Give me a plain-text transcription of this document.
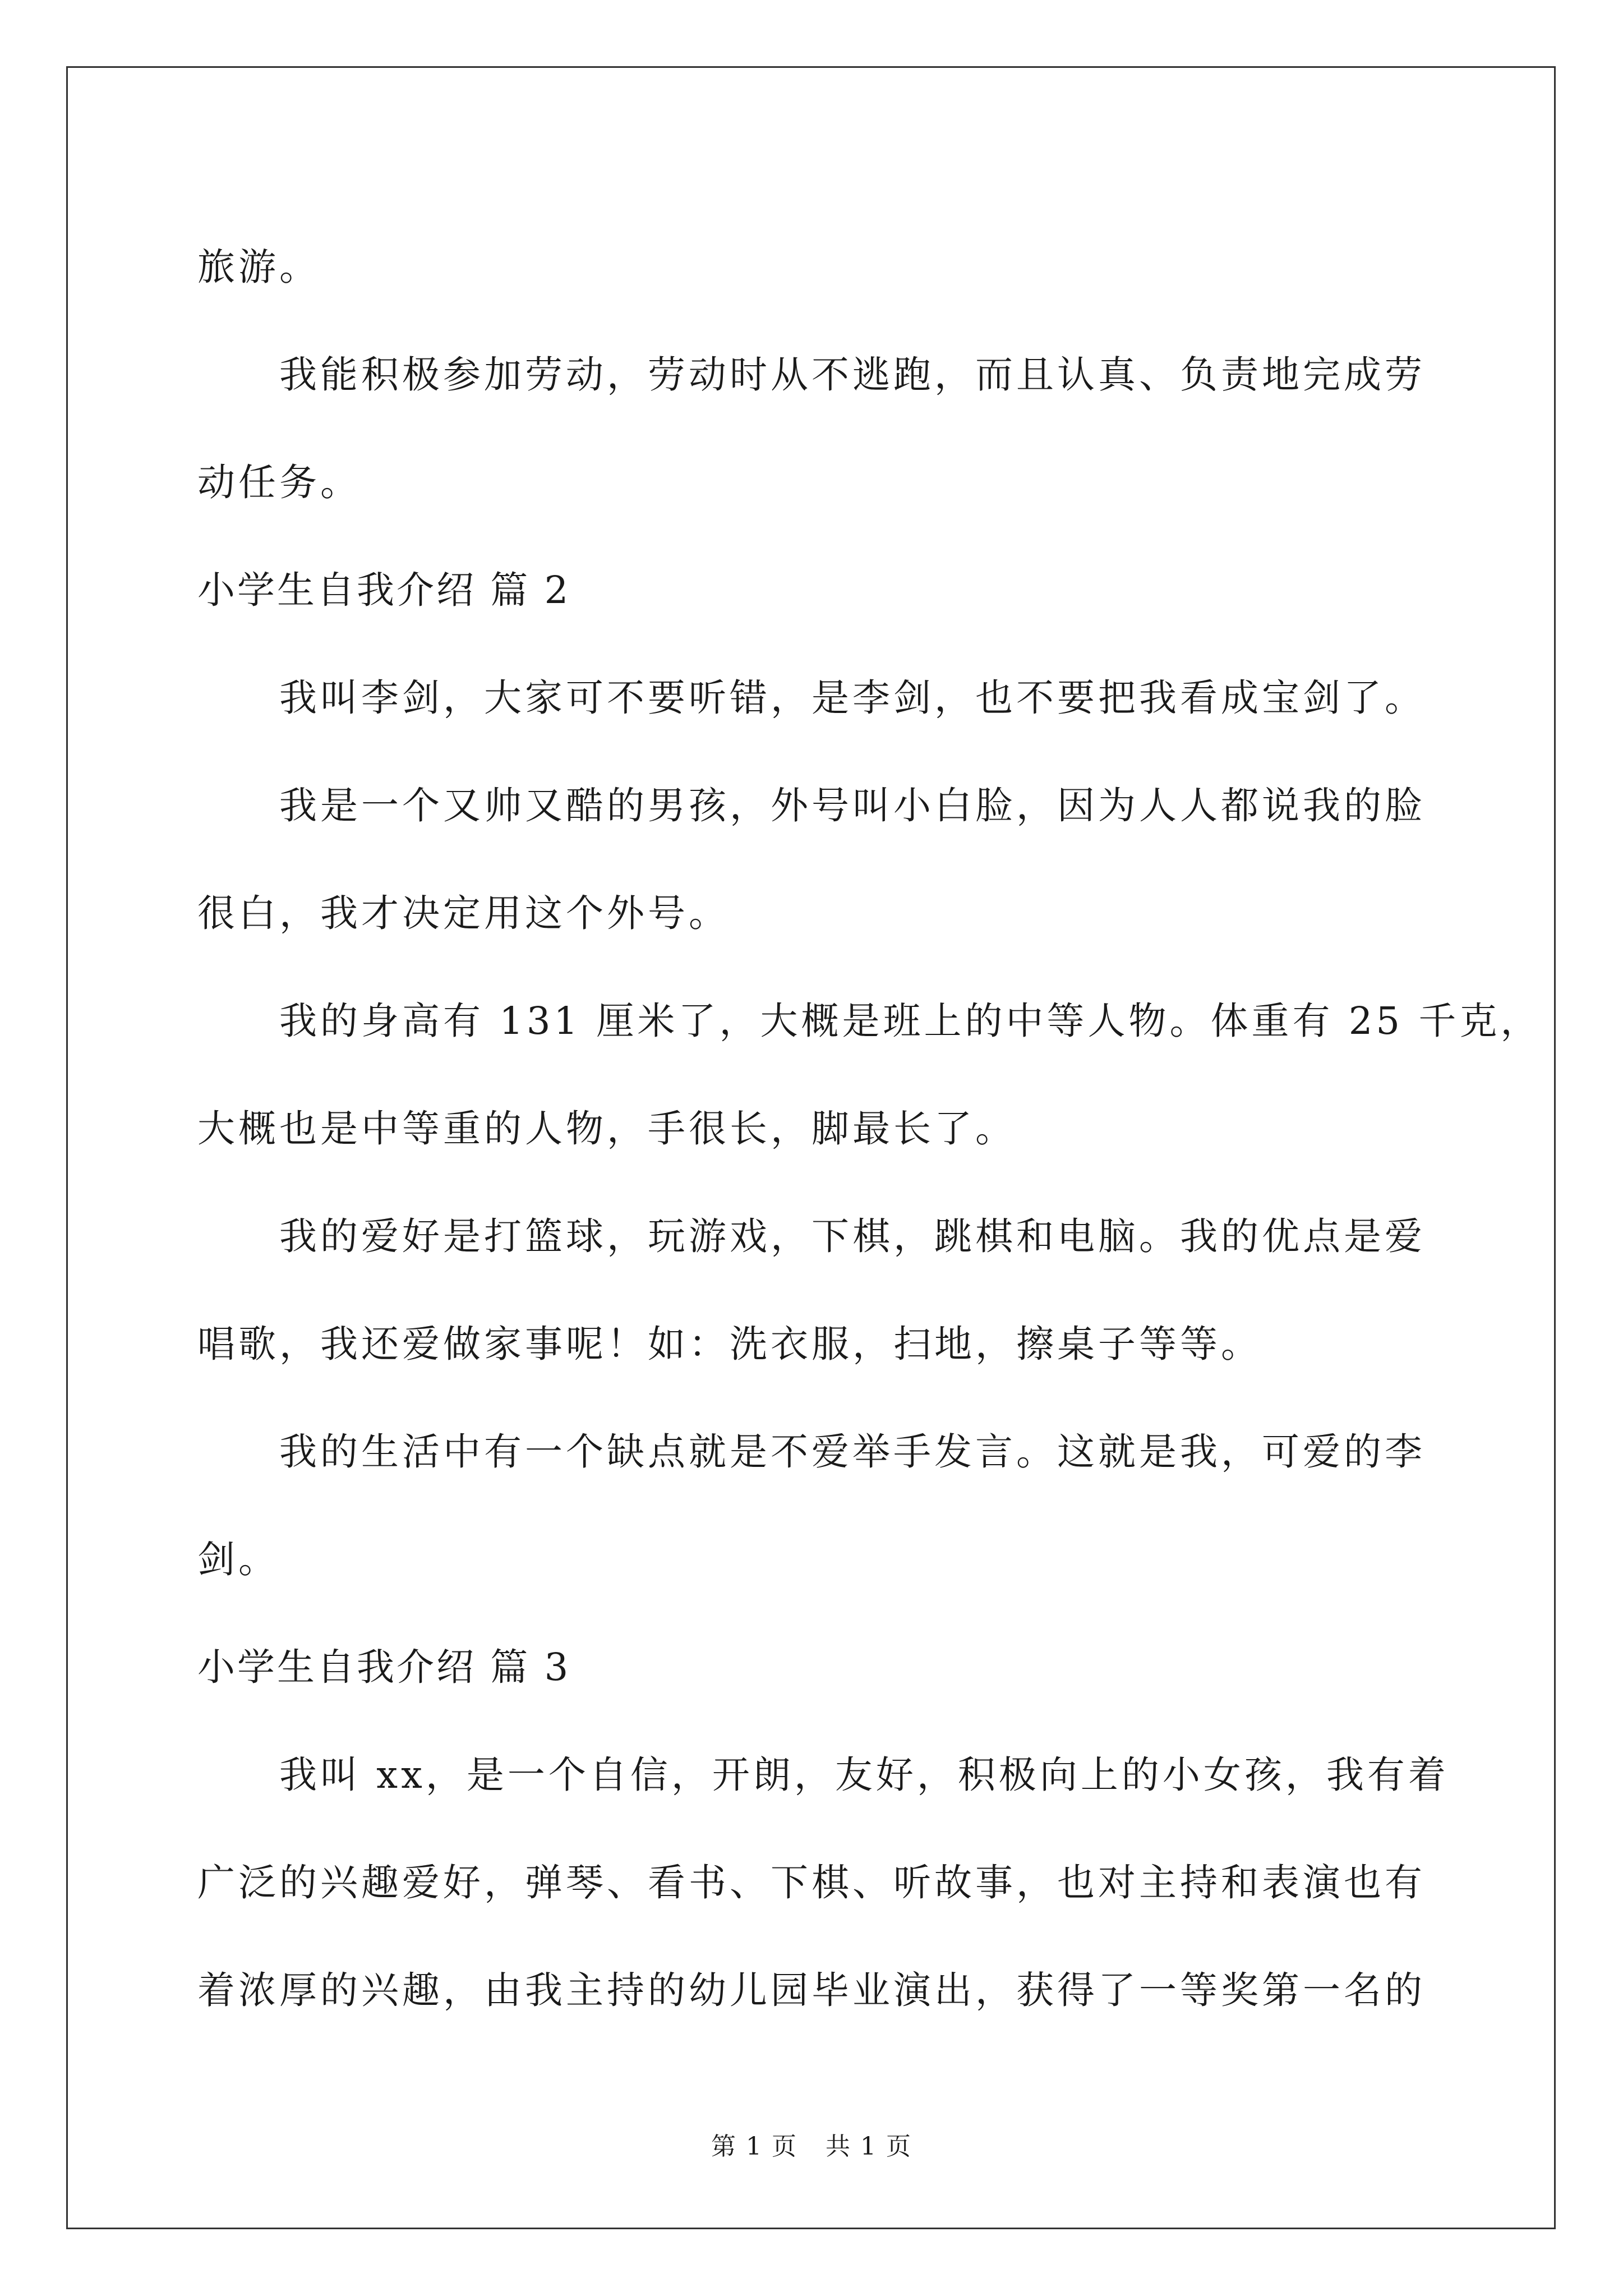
旅游。
我能积极参加劳动，劳动时从不逃跑，而且认真、负责地完成劳
动任务。
小学生自我介绍 篇 2
我叫李剑，大家可不要听错，是李剑，也不要把我看成宝剑了。
我是一个又帅又酷的男孩，外号叫小白脸，因为人人都说我的脸
很白，我才决定用这个外号。
我的身高有 131 厘米了，大概是班上的中等人物。体重有 25 千克，
大概也是中等重的人物，手很长，脚最长了。
我的爱好是打篮球，玩游戏，下棋，跳棋和电脑。我的优点是爱
唱歌，我还爱做家事呢！如：洗衣服，扫地，擦桌子等等。
我的生活中有一个缺点就是不爱举手发言。这就是我，可爱的李
剑。
小学生自我介绍 篇 3
我叫 xx，是一个自信，开朗，友好，积极向上的小女孩，我有着
广泛的兴趣爱好，弹琴、看书、下棋、听故事，也对主持和表演也有
着浓厚的兴趣，由我主持的幼儿园毕业演出，获得了一等奖第一名的
第 1 页 共 1 页
